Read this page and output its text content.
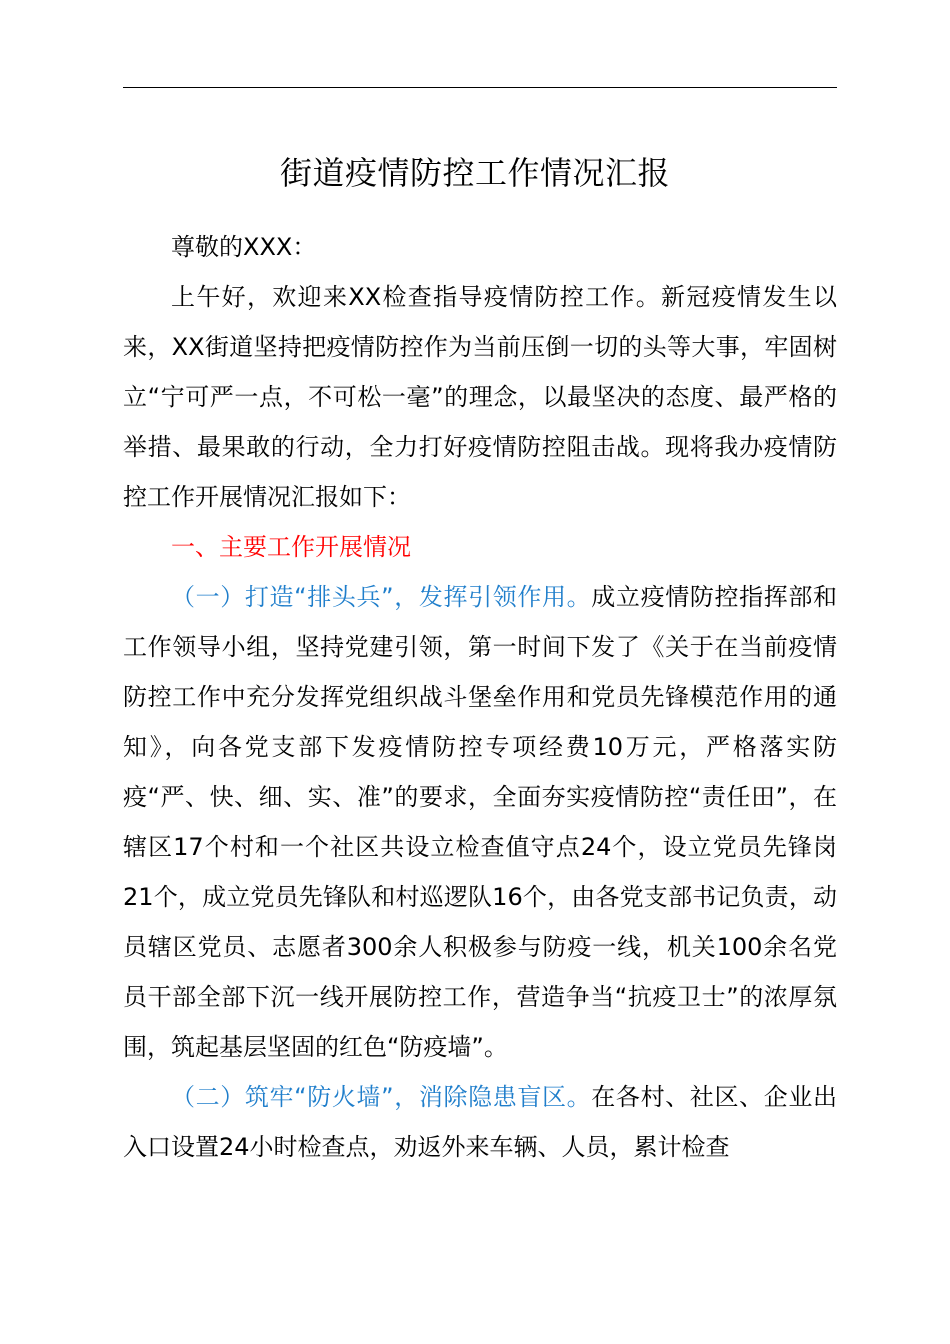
街道疫情防控工作情况汇报

尊敬的XXX：

上午好，欢迎来XX检查指导疫情防控工作。新冠疫情发生以来，XX街道坚持把疫情防控作为当前压倒一切的头等大事，牢固树立“宁可严一点，不可松一毫”的理念，以最坚决的态度、最严格的举措、最果敢的行动，全力打好疫情防控阻击战。现将我办疫情防控工作开展情况汇报如下：

一、主要工作开展情况

（一）打造“排头兵”，发挥引领作用。成立疫情防控指挥部和工作领导小组，坚持党建引领，第一时间下发了《关于在当前疫情防控工作中充分发挥党组织战斗堡垒作用和党员先锋模范作用的通知》，向各党支部下发疫情防控专项经费10万元，严格落实防疫“严、快、细、实、准”的要求，全面夯实疫情防控“责任田”，在辖区17个村和一个社区共设立检查值守点24个，设立党员先锋岗21个，成立党员先锋队和村巡逻队16个，由各党支部书记负责，动员辖区党员、志愿者300余人积极参与防疫一线，机关100余名党员干部全部下沉一线开展防控工作，营造争当“抗疫卫士”的浓厚氛围，筑起基层坚固的红色“防疫墙”。

（二）筑牢“防火墙”，消除隐患盲区。在各村、社区、企业出入口设置24小时检查点，劝返外来车辆、人员，累计检查
